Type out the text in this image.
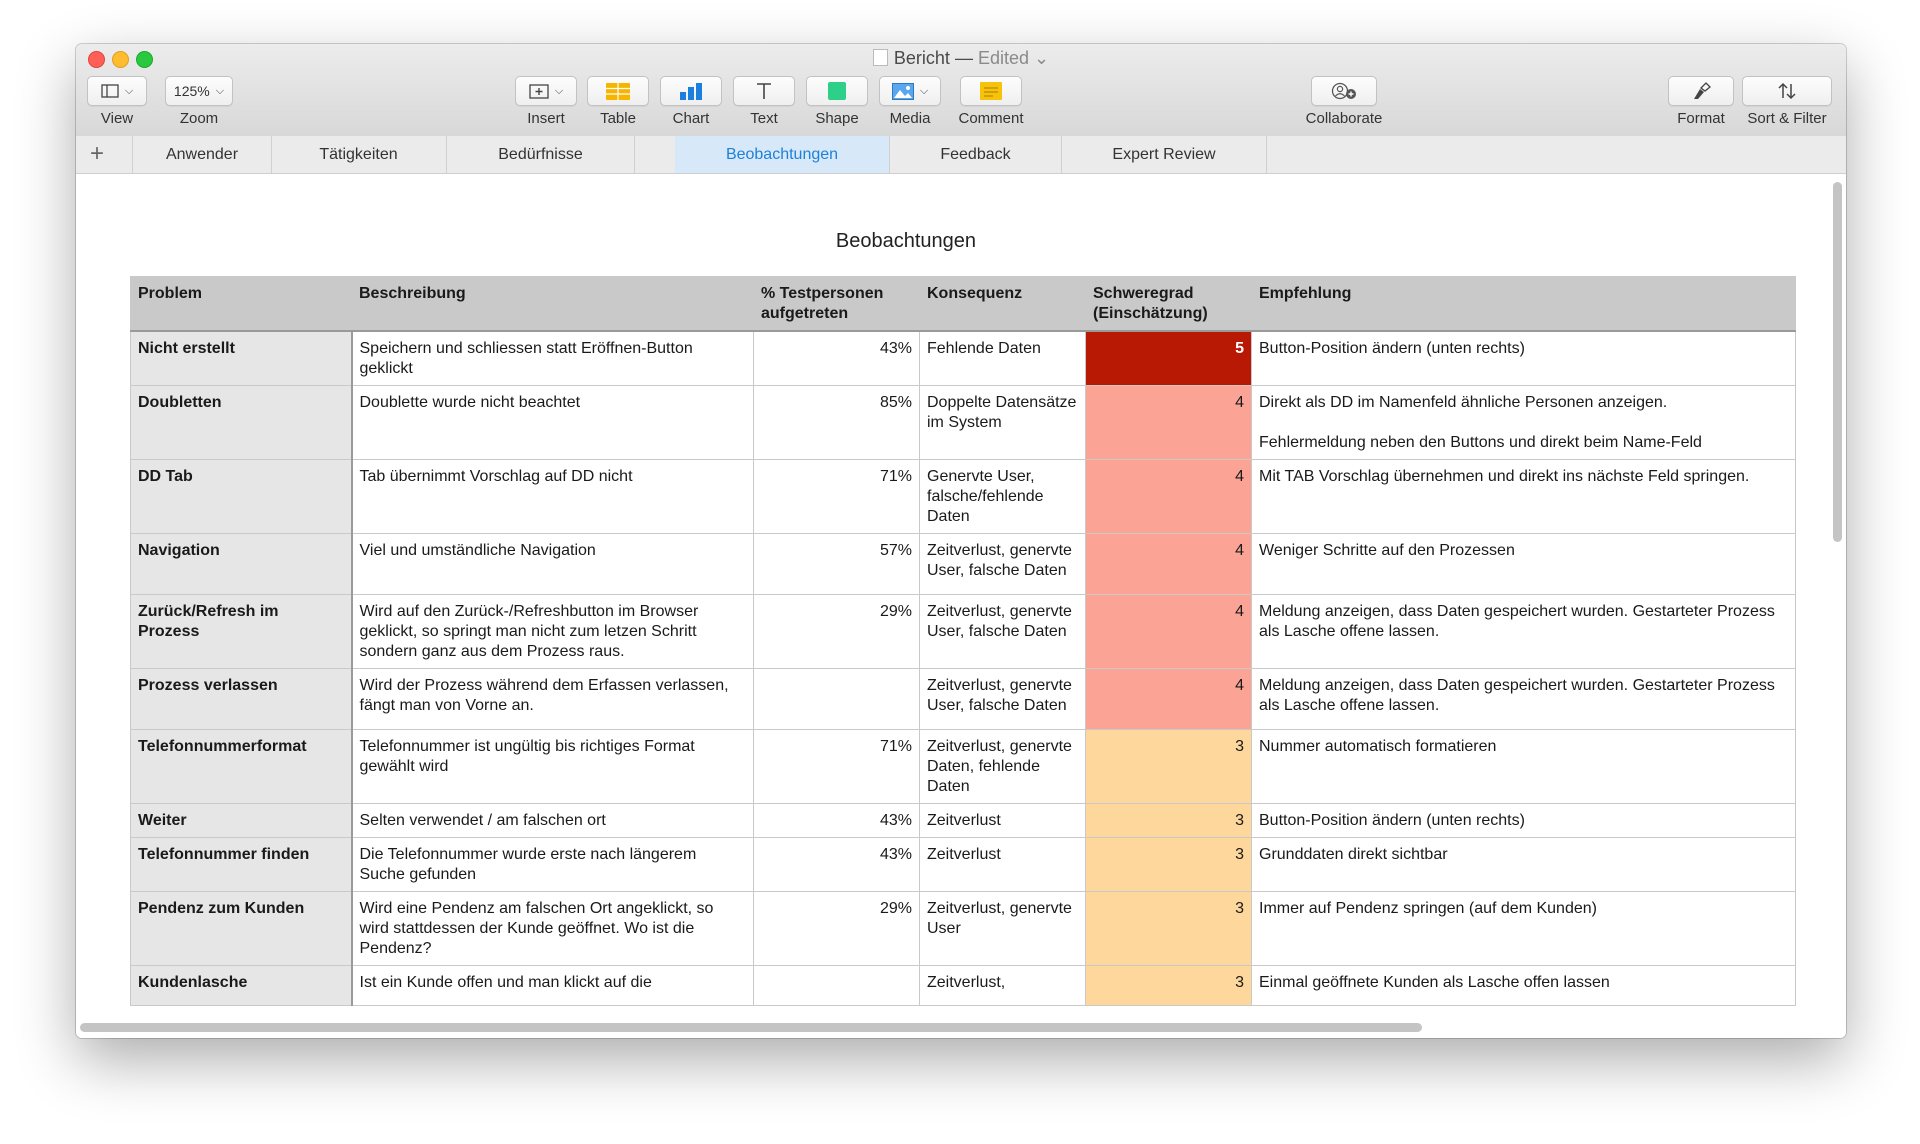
Bericht — Edited ⌄
⌵
View
125% ⌵
Zoom
⌵
Insert	Table	Chart	Text	Shape
⌵
Media	Comment	Collaborate	Format	Sort & Filter
+	Anwender	Tätigkeiten	Bedürfnisse	Beobachtungen	Feedback	Expert Review
Beobachtungen
Problem	Beschreibung	% Testpersonen aufgetreten	Konsequenz	Schweregrad (Einschätzung)	Empfehlung
Nicht erstellt	Speichern und schliessen statt Eröffnen-Button geklickt	43%	Fehlende Daten	5	Button-Position ändern (unten rechts)
Doubletten	Doublette wurde nicht beachtet	85%	Doppelte Datensätze im System	4	Direkt als DD im Namenfeld ähnliche Personen anzeigen.
Fehlermeldung neben den Buttons und direkt beim Name-Feld
DD Tab	Tab übernimmt Vorschlag auf DD nicht	71%	Genervte User, falsche/fehlende Daten	4	Mit TAB Vorschlag übernehmen und direkt ins nächste Feld springen.
Navigation	Viel und umständliche Navigation	57%	Zeitverlust, genervte User, falsche Daten	4	Weniger Schritte auf den Prozessen
Zurück/Refresh im Prozess	Wird auf den Zurück-/Refreshbutton im Browser geklickt, so springt man nicht zum letzen Schritt sondern ganz aus dem Prozess raus.	29%	Zeitverlust, genervte User, falsche Daten	4	Meldung anzeigen, dass Daten gespeichert wurden. Gestarteter Prozess als Lasche offene lassen.
Prozess verlassen	Wird der Prozess während dem Erfassen verlassen, fängt man von Vorne an.		Zeitverlust, genervte User, falsche Daten	4	Meldung anzeigen, dass Daten gespeichert wurden. Gestarteter Prozess als Lasche offene lassen.
Telefonnummerformat	Telefonnummer ist ungültig bis richtiges Format gewählt wird	71%	Zeitverlust, genervte Daten, fehlende Daten	3	Nummer automatisch formatieren
Weiter	Selten verwendet / am falschen ort	43%	Zeitverlust	3	Button-Position ändern (unten rechts)
Telefonnummer finden	Die Telefonnummer wurde erste nach längerem Suche gefunden	43%	Zeitverlust	3	Grunddaten direkt sichtbar
Pendenz zum Kunden	Wird eine Pendenz am falschen Ort angeklickt, so wird stattdessen der Kunde geöffnet. Wo ist die Pendenz?	29%	Zeitverlust, genervte User	3	Immer auf Pendenz springen (auf dem Kunden)
Kundenlasche	Ist ein Kunde offen und man klickt auf die		Zeitverlust,	3	Einmal geöffnete Kunden als Lasche offen lassen
